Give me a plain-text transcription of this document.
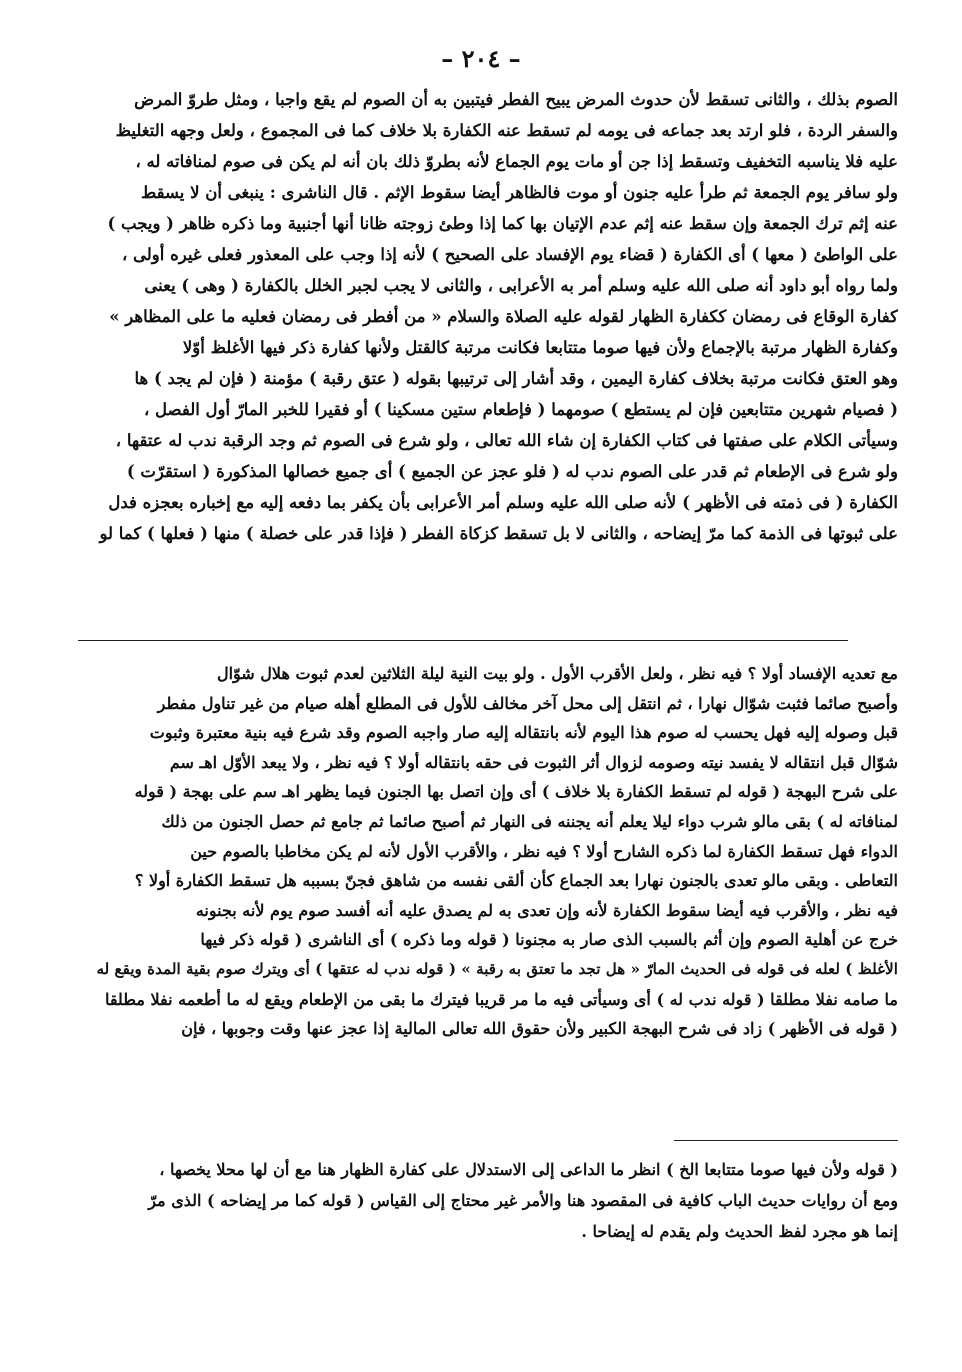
– ٢٠٤ –
الصوم بذلك ، والثانى تسقط لأن حدوث المرض يبيح الفطر فيتبين به أن الصوم لم يقع واجبا ، ومثل طروّ المرض
والسفر الردة ، فلو ارتد بعد جماعه فى يومه لم تسقط عنه الكفارة بلا خلاف كما فى المجموع ، ولعل وجهه التغليظ
عليه فلا يناسبه التخفيف وتسقط إذا جن أو مات يوم الجماع لأنه بطروّ ذلك بان أنه لم يكن فى صوم لمنافاته له ،
ولو سافر يوم الجمعة ثم طرأ عليه جنون أو موت فالظاهر أيضا سقوط الإثم . قال الناشرى : ينبغى أن لا يسقط
عنه إثم ترك الجمعة وإن سقط عنه إثم عدم الإتيان بها كما إذا وطئ زوجته ظانا أنها أجنبية وما ذكره ظاهر ( ويجب )
على الواطئ ( معها ) أى الكفارة ( قضاء يوم الإفساد على الصحيح ) لأنه إذا وجب على المعذور فعلى غيره أولى ،
ولما رواه أبو داود أنه صلى الله عليه وسلم أمر به الأعرابى ، والثانى لا يجب لجبر الخلل بالكفارة ( وهى ) يعنى
كفارة الوقاع فى رمضان ككفارة الظهار لقوله عليه الصلاة والسلام « من أفطر فى رمضان فعليه ما على المظاهر »
وكفارة الظهار مرتبة بالإجماع ولأن فيها صوما متتابعا فكانت مرتبة كالقتل ولأنها كفارة ذكر فيها الأغلظ أوّلا
وهو العتق فكانت مرتبة بخلاف كفارة اليمين ، وقد أشار إلى ترتيبها بقوله ( عتق رقبة ) مؤمنة ( فإن لم يجد ) ها
( فصيام شهرين متتابعين فإن لم يستطع ) صومهما ( فإطعام ستين مسكينا ) أو فقيرا للخبر المارّ أول الفصل ،
وسيأتى الكلام على صفتها فى كتاب الكفارة إن شاء الله تعالى ، ولو شرع فى الصوم ثم وجد الرقبة ندب له عتقها ،
ولو شرع فى الإطعام ثم قدر على الصوم ندب له ( فلو عجز عن الجميع ) أى جميع خصالها المذكورة ( استقرّت )
الكفارة ( فى ذمته فى الأظهر ) لأنه صلى الله عليه وسلم أمر الأعرابى بأن يكفر بما دفعه إليه مع إخباره بعجزه فدل
على ثبوتها فى الذمة كما مرّ إيضاحه ، والثانى لا بل تسقط كزكاة الفطر ( فإذا قدر على خصلة ) منها ( فعلها ) كما لو
مع تعديه الإفساد أولا ؟ فيه نظر ، ولعل الأقرب الأول . ولو بيت النية ليلة الثلاثين لعدم ثبوت هلال شوّال
وأصبح صائما فثبت شوّال نهارا ، ثم انتقل إلى محل آخر مخالف للأول فى المطلع أهله صيام من غير تناول مفطر
قبل وصوله إليه فهل يحسب له صوم هذا اليوم لأنه بانتقاله إليه صار واجبه الصوم وقد شرع فيه بنية معتبرة وثبوت
شوّال قبل انتقاله لا يفسد نيته وصومه لزوال أثر الثبوت فى حقه بانتقاله أولا ؟ فيه نظر ، ولا يبعد الأوّل اهـ سم
على شرح البهجة ( قوله لم تسقط الكفارة بلا خلاف ) أى وإن اتصل بها الجنون فيما يظهر اهـ سم على بهجة ( قوله
لمنافاته له ) بقى مالو شرب دواء ليلا يعلم أنه يجننه فى النهار ثم أصبح صائما ثم جامع ثم حصل الجنون من ذلك
الدواء فهل تسقط الكفارة لما ذكره الشارح أولا ؟ فيه نظر ، والأقرب الأول لأنه لم يكن مخاطبا بالصوم حين
التعاطى . وبقى مالو تعدى بالجنون نهارا بعد الجماع كأن ألقى نفسه من شاهق فجنّ بسببه هل تسقط الكفارة أولا ؟
فيه نظر ، والأقرب فيه أيضا سقوط الكفارة لأنه وإن تعدى به لم يصدق عليه أنه أفسد صوم يوم لأنه بجنونه
خرج عن أهلية الصوم وإن أثم بالسبب الذى صار به مجنونا ( قوله وما ذكره ) أى الناشرى ( قوله ذكر فيها
الأغلظ ) لعله فى قوله فى الحديث المارّ « هل تجد ما تعتق به رقبة » ( قوله ندب له عتقها ) أى ويترك صوم بقية المدة ويقع له
ما صامه نفلا مطلقا ( قوله ندب له ) أى وسيأتى فيه ما مر قريبا فيترك ما بقى من الإطعام ويقع له ما أطعمه نفلا مطلقا
( قوله فى الأظهر ) زاد فى شرح البهجة الكبير ولأن حقوق الله تعالى المالية إذا عجز عنها وقت وجوبها ، فإن
( قوله ولأن فيها صوما متتابعا الخ ) انظر ما الداعى إلى الاستدلال على كفارة الظهار هنا مع أن لها محلا يخصها ،
ومع أن روايات حديث الباب كافية فى المقصود هنا والأمر غير محتاج إلى القياس ( قوله كما مر إيضاحه ) الذى مرّ
إنما هو مجرد لفظ الحديث ولم يقدم له إيضاحا .
